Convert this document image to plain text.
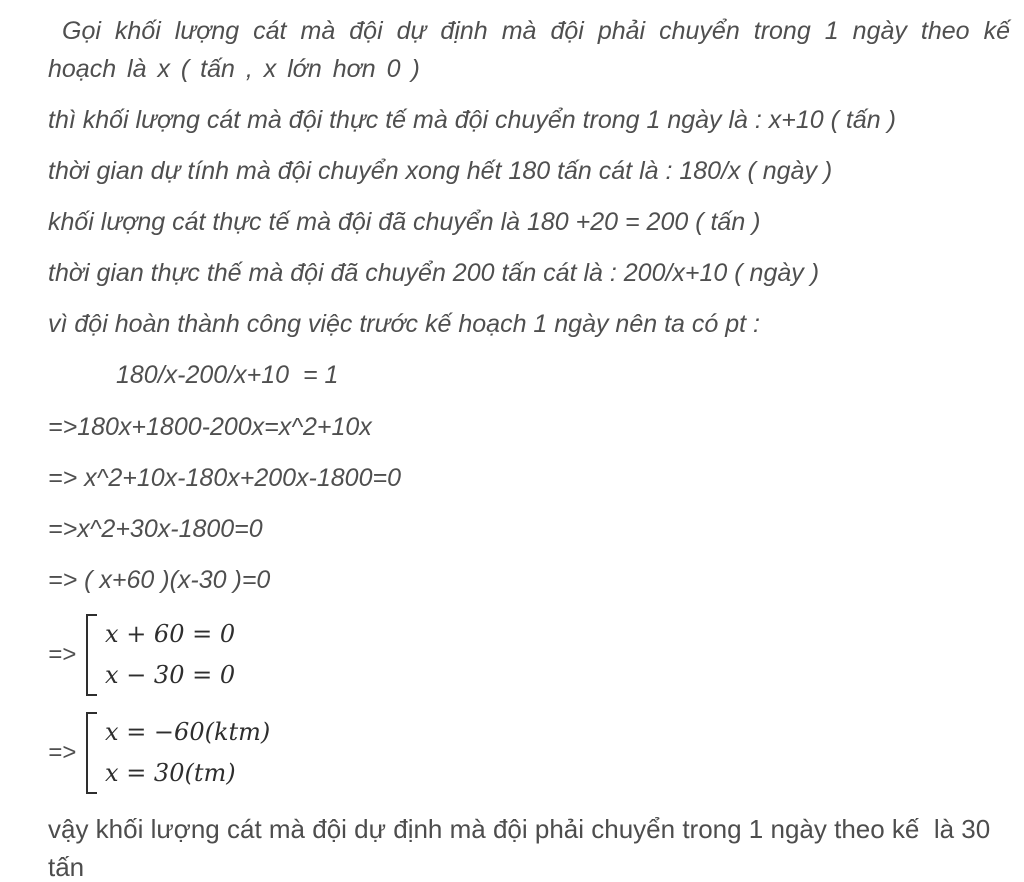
Gọi khối lượng cát mà đội dự định mà đội phải chuyển trong 1 ngày theo kế hoạch là x ( tấn , x lớn hơn 0 )

thì khối lượng cát mà đội thực tế mà đội chuyển trong 1 ngày là : x+10 ( tấn )

thời gian dự tính mà đội chuyển xong hết 180 tấn cát là : 180/x ( ngày )

khối lượng cát thực tế mà đội đã chuyển là 180 +20 = 200 ( tấn )

thời gian thực thế mà đội đã chuyển 200 tấn cát là : 200/x+10 ( ngày )

vì đội hoàn thành công việc trước kế hoạch 1 ngày nên ta có pt :

180/x-200/x+10  = 1

=>180x+1800-200x=x^2+10x

=> x^2+10x-180x+200x-1800=0

=>x^2+30x-1800=0

=> ( x+60 )(x-30 )=0

=>
x + 60 = 0
x − 30 = 0
=>
x = −60(ktm)
x = 30(tm)

vậy khối lượng cát mà đội dự định mà đội phải chuyển trong 1 ngày theo kế  là 30 tấn
